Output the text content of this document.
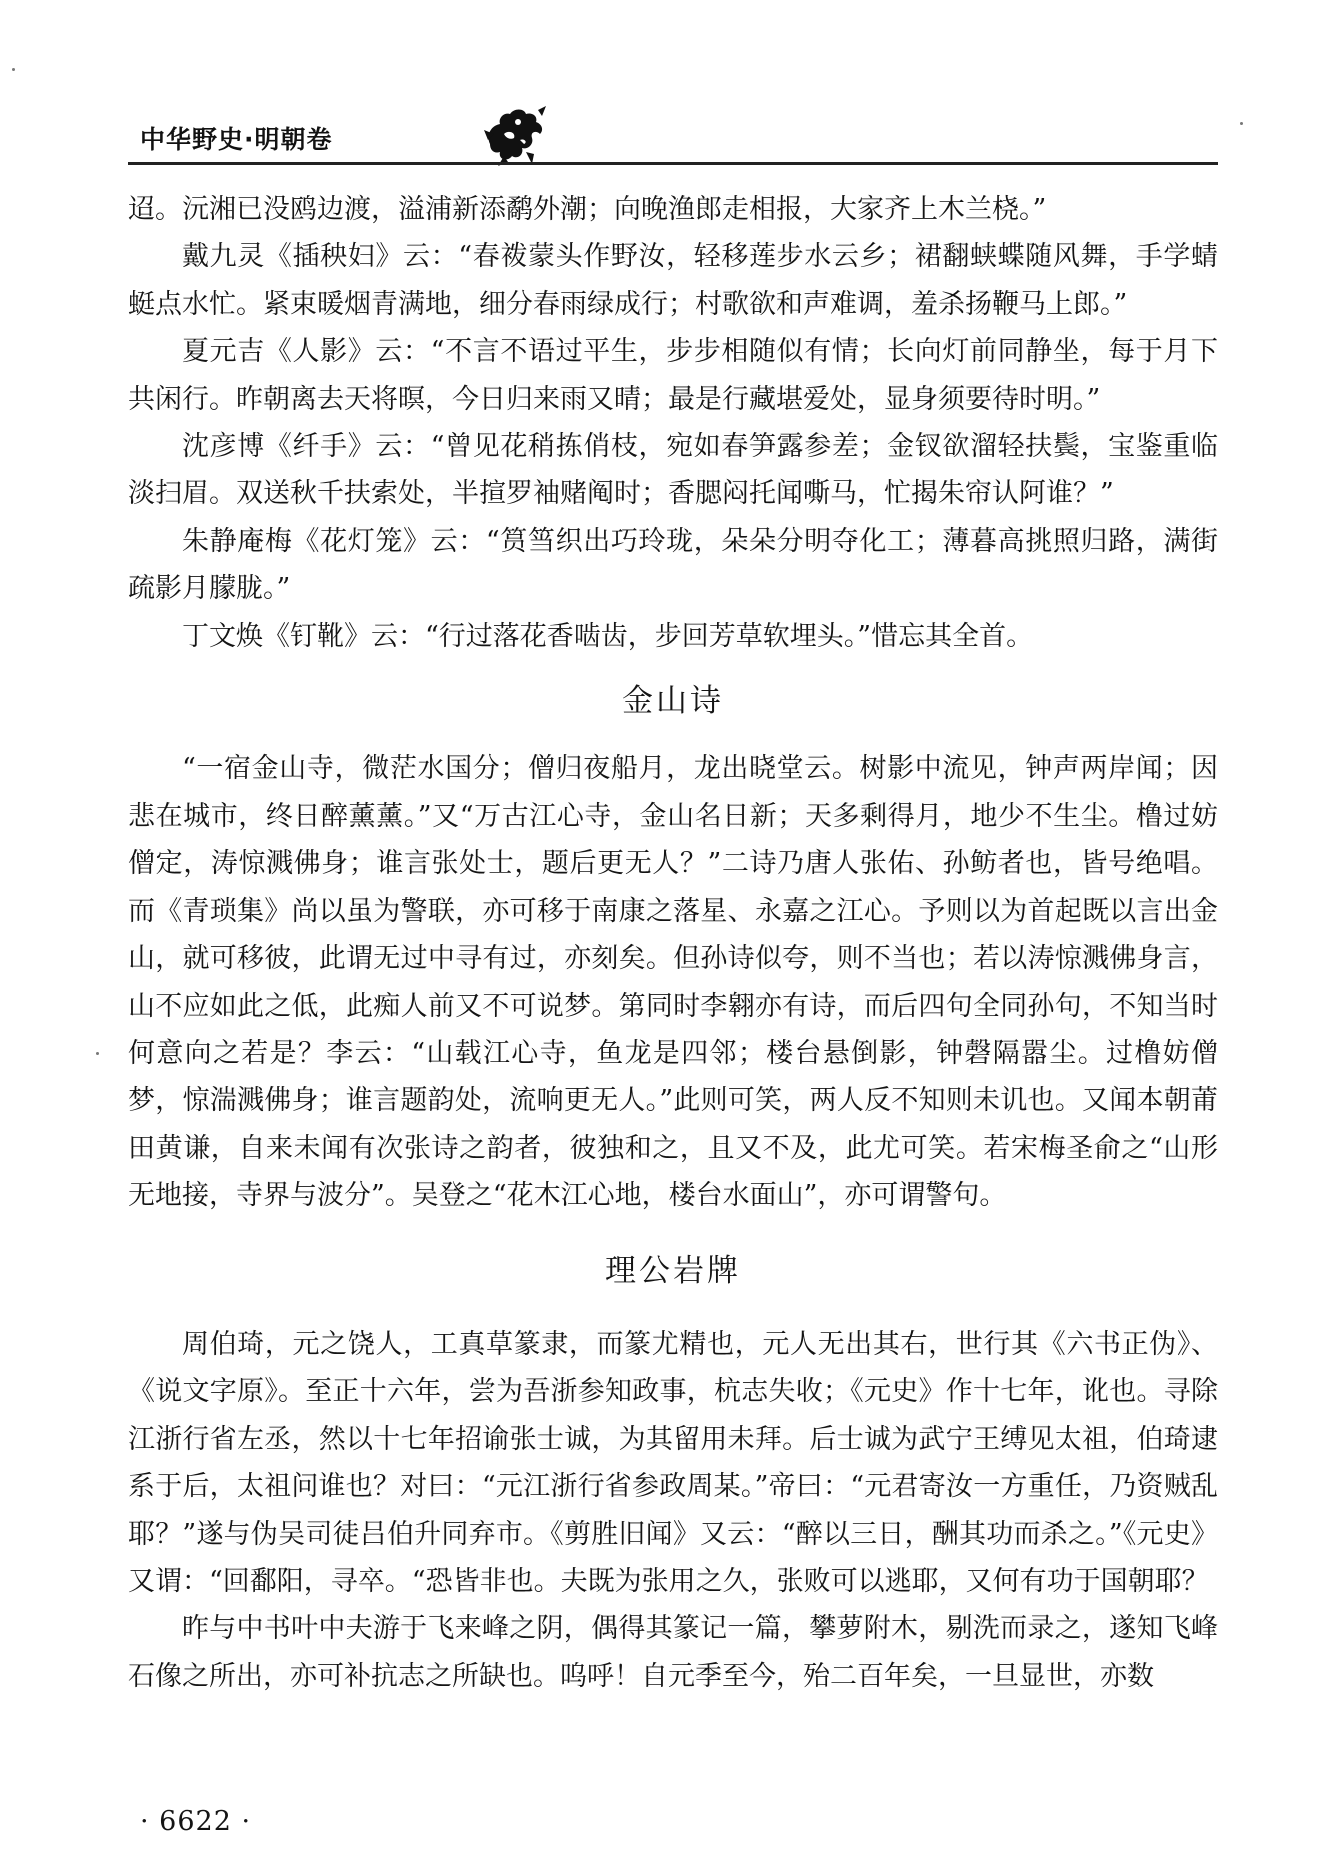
中华野史·明朝卷

迢。沅湘已没鸥边渡，溢浦新添鹬外潮；向晚渔郎走相报，大家齐上木兰桡。”

戴九灵《插秧妇》云：“春袯蒙头作野汝，轻移莲步水云乡；裙翻蛱蝶随风舞，手学蜻蜓点水忙。紧束暖烟青满地，细分春雨绿成行；村歌欲和声难调，羞杀扬鞭马上郎。”

夏元吉《人影》云：“不言不语过平生，步步相随似有情；长向灯前同静坐，每于月下共闲行。昨朝离去天将暝，今日归来雨又晴；最是行藏堪爱处，显身须要待时明。”

沈彦博《纤手》云：“曾见花稍拣俏枝，宛如春笋露参差；金钗欲溜轻扶鬓，宝鉴重临淡扫眉。双送秋千扶索处，半揎罗袖赌阄时；香腮闷托闻嘶马，忙揭朱帘认阿谁？”

朱静庵梅《花灯笼》云：“筼筜织出巧玲珑，朵朵分明夺化工；薄暮高挑照归路，满街疏影月朦胧。”

丁文焕《钉靴》云：“行过落花香啮齿，步回芳草软埋头。”惜忘其全首。

金山诗

“一宿金山寺，微茫水国分；僧归夜船月，龙出晓堂云。树影中流见，钟声两岸闻；因悲在城市，终日醉薰薰。”又“万古江心寺，金山名日新；天多剩得月，地少不生尘。橹过妨僧定，涛惊溅佛身；谁言张处士，题后更无人？”二诗乃唐人张佑、孙鲂者也，皆号绝唱。而《青琐集》尚以虽为警联，亦可移于南康之落星、永嘉之江心。予则以为首起既以言出金山，就可移彼，此谓无过中寻有过，亦刻矣。但孙诗似夸，则不当也；若以涛惊溅佛身言，山不应如此之低，此痴人前又不可说梦。第同时李翱亦有诗，而后四句全同孙句，不知当时何意向之若是？李云：“山载江心寺，鱼龙是四邻；楼台悬倒影，钟磬隔嚣尘。过橹妨僧梦，惊湍溅佛身；谁言题韵处，流响更无人。”此则可笑，两人反不知则未讥也。又闻本朝莆田黄谦，自来未闻有次张诗之韵者，彼独和之，且又不及，此尤可笑。若宋梅圣俞之“山形无地接，寺界与波分”。吴登之“花木江心地，楼台水面山”，亦可谓警句。

理公岩牌

周伯琦，元之饶人，工真草篆隶，而篆尤精也，元人无出其右，世行其《六书正伪》、《说文字原》。至正十六年，尝为吾浙参知政事，杭志失收；《元史》作十七年，讹也。寻除江浙行省左丞，然以十七年招谕张士诚，为其留用未拜。后士诚为武宁王缚见太祖，伯琦逮系于后，太祖问谁也？对曰：“元江浙行省参政周某。”帝曰：“元君寄汝一方重任，乃资贼乱耶？”遂与伪吴司徒吕伯升同弃市。《剪胜旧闻》又云：“醉以三日，酬其功而杀之。”《元史》又谓：“回鄱阳，寻卒。“恐皆非也。夫既为张用之久，张败可以逃耶，又何有功于国朝耶？

昨与中书叶中夫游于飞来峰之阴，偶得其篆记一篇，攀萝附木，剔洗而录之，遂知飞峰石像之所出，亦可补抗志之所缺也。呜呼！自元季至今，殆二百年矣，一旦显世，亦数

· 6622 ·
